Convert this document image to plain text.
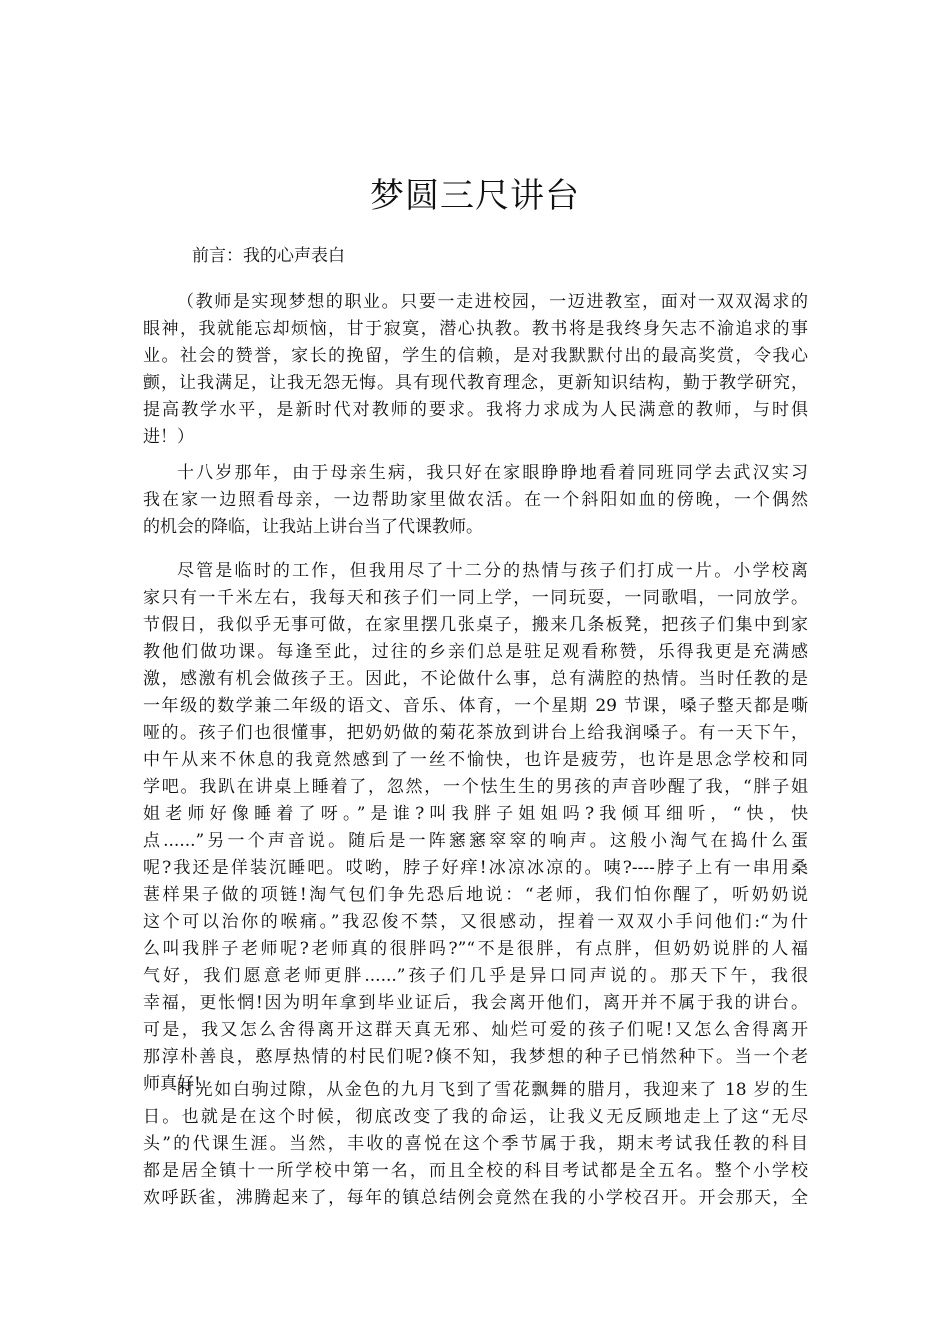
梦圆三尺讲台
前言：我的心声表白
（教师是实现梦想的职业。只要一走进校园，一迈进教室，面对一双双渴求的
眼神，我就能忘却烦恼，甘于寂寞，潜心执教。教书将是我终身矢志不渝追求的事
业。社会的赞誉，家长的挽留，学生的信赖，是对我默默付出的最高奖赏，令我心
颤，让我满足，让我无怨无悔。具有现代教育理念，更新知识结构，勤于教学研究，
提高教学水平，是新时代对教师的要求。我将力求成为人民满意的教师，与时俱
进！）
十八岁那年，由于母亲生病，我只好在家眼睁睁地看着同班同学去武汉实习
我在家一边照看母亲，一边帮助家里做农活。在一个斜阳如血的傍晚，一个偶然
的机会的降临，让我站上讲台当了代课教师。
尽管是临时的工作，但我用尽了十二分的热情与孩子们打成一片。小学校离
家只有一千米左右，我每天和孩子们一同上学，一同玩耍，一同歌唱，一同放学。
节假日，我似乎无事可做，在家里摆几张桌子，搬来几条板凳，把孩子们集中到家
教他们做功课。每逢至此，过往的乡亲们总是驻足观看称赞，乐得我更是充满感
激，感激有机会做孩子王。因此，不论做什么事，总有满腔的热情。当时任教的是
一年级的数学兼二年级的语文、音乐、体育，一个星期 29 节课，嗓子整天都是嘶
哑的。孩子们也很懂事，把奶奶做的菊花茶放到讲台上给我润嗓子。有一天下午，
中午从来不休息的我竟然感到了一丝不愉快，也许是疲劳，也许是思念学校和同
学吧。我趴在讲桌上睡着了，忽然，一个怯生生的男孩的声音吵醒了我，“胖子姐
姐老师好像睡着了呀。”是谁?叫我胖子姐姐吗?我倾耳细听，“快，快
点......”另一个声音说。随后是一阵窸窸窣窣的响声。这般小淘气在捣什么蛋
呢?我还是佯装沉睡吧。哎哟，脖子好痒!冰凉冰凉的。咦?----脖子上有一串用桑
葚样果子做的项链!淘气包们争先恐后地说：“老师，我们怕你醒了，听奶奶说
这个可以治你的喉痛。”我忍俊不禁，又很感动，捏着一双双小手问他们:“为什
么叫我胖子老师呢?老师真的很胖吗?”“不是很胖，有点胖，但奶奶说胖的人福
气好，我们愿意老师更胖......”孩子们几乎是异口同声说的。那天下午，我很
幸福，更怅惘!因为明年拿到毕业证后，我会离开他们，离开并不属于我的讲台。
可是，我又怎么舍得离开这群天真无邪、灿烂可爱的孩子们呢!又怎么舍得离开
那淳朴善良，憨厚热情的村民们呢?倏不知，我梦想的种子已悄然种下。当一个老
师真好!
时光如白驹过隙，从金色的九月飞到了雪花飘舞的腊月，我迎来了 18 岁的生
日。也就是在这个时候，彻底改变了我的命运，让我义无反顾地走上了这“无尽
头”的代课生涯。当然，丰收的喜悦在这个季节属于我，期末考试我任教的科目
都是居全镇十一所学校中第一名，而且全校的科目考试都是全五名。整个小学校
欢呼跃雀，沸腾起来了，每年的镇总结例会竟然在我的小学校召开。开会那天，全
